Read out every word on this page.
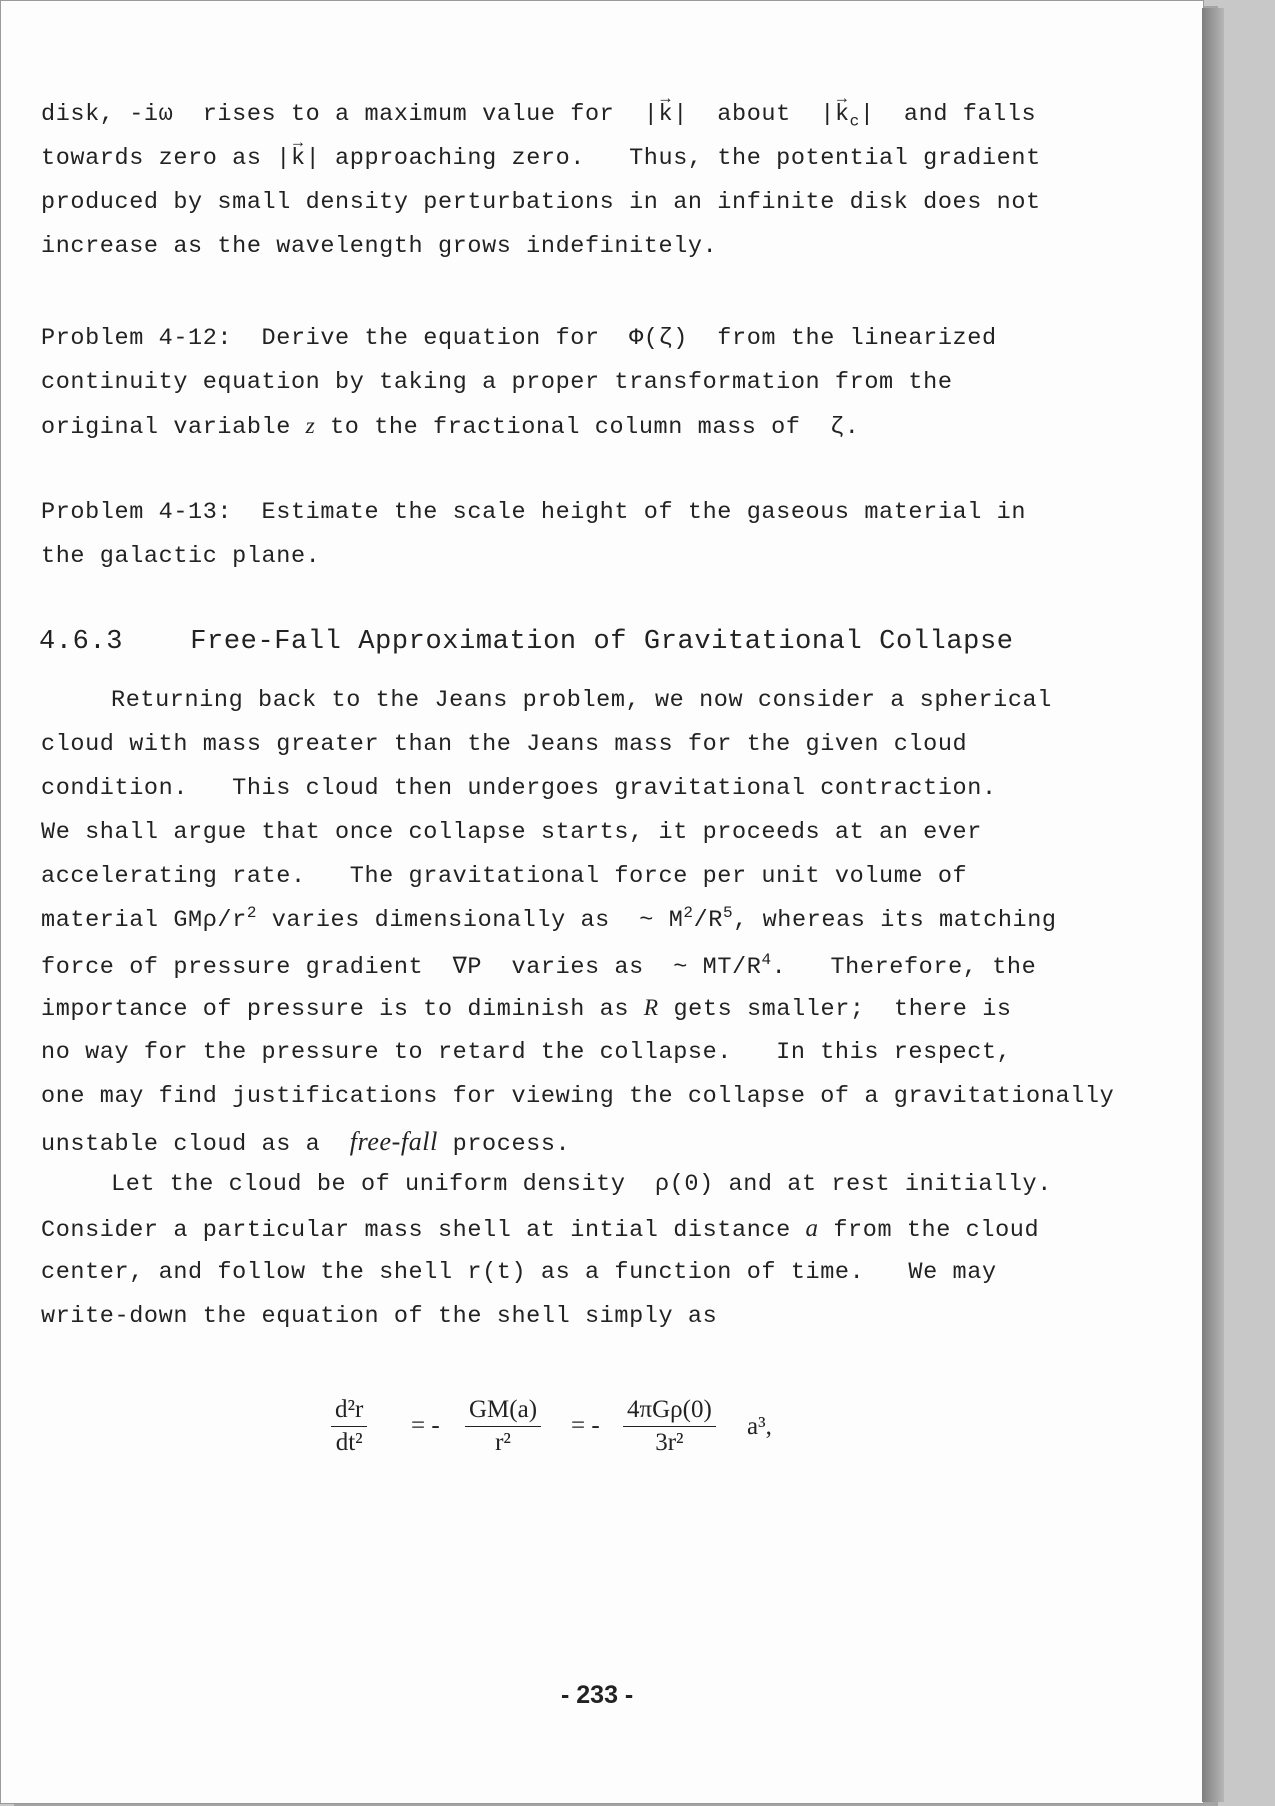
disk, -iω  rises to a maximum value for  |→ k|  about  |→ $k_c|$  and falls
towards zero as |→ k| approaching zero.   Thus, the potential gradient
produced by small density perturbations in an infinite disk does not
increase as the wavelength grows indefinitely.
Problem 4-12:  Derive the equation for  Φ(ζ)  from the linearized
continuity equation by taking a proper transformation from the
original variable z to the fractional column mass of  ζ.
Problem 4-13:  Estimate the scale height of the gaseous material in
the galactic plane.
4.6.3 Free-Fall Approximation of Gravitational Collapse
Returning back to the Jeans problem, we now consider a spherical
cloud with mass greater than the Jeans mass for the given cloud
condition.   This cloud then undergoes gravitational contraction.
We shall argue that once collapse starts, it proceeds at an ever
accelerating rate.   The gravitational force per unit volume of
material GMρ/$r^2$ varies dimensionally as  ~ $M^2/R^5$, whereas its matching
force of pressure gradient  ∇P  varies as  ~ $MT/R^4$.   Therefore, the
importance of pressure is to diminish as R gets smaller;  there is
no way for the pressure to retard the collapse.   In this respect,
one may find justifications for viewing the collapse of a gravitationally
unstable cloud as a  free-fall process.
Let the cloud be of uniform density  ρ(0) and at rest initially.
Consider a particular mass shell at intial distance a from the cloud
center, and follow the shell r(t) as a function of time.   We may
write-down the equation of the shell simply as
$\frac{\text{d²r}}{\text{dt²}}$ = - $\frac{GM(a)}{\text{r²}}$ = -
4πGρ(0)
3r²
a³,
- 233 -
